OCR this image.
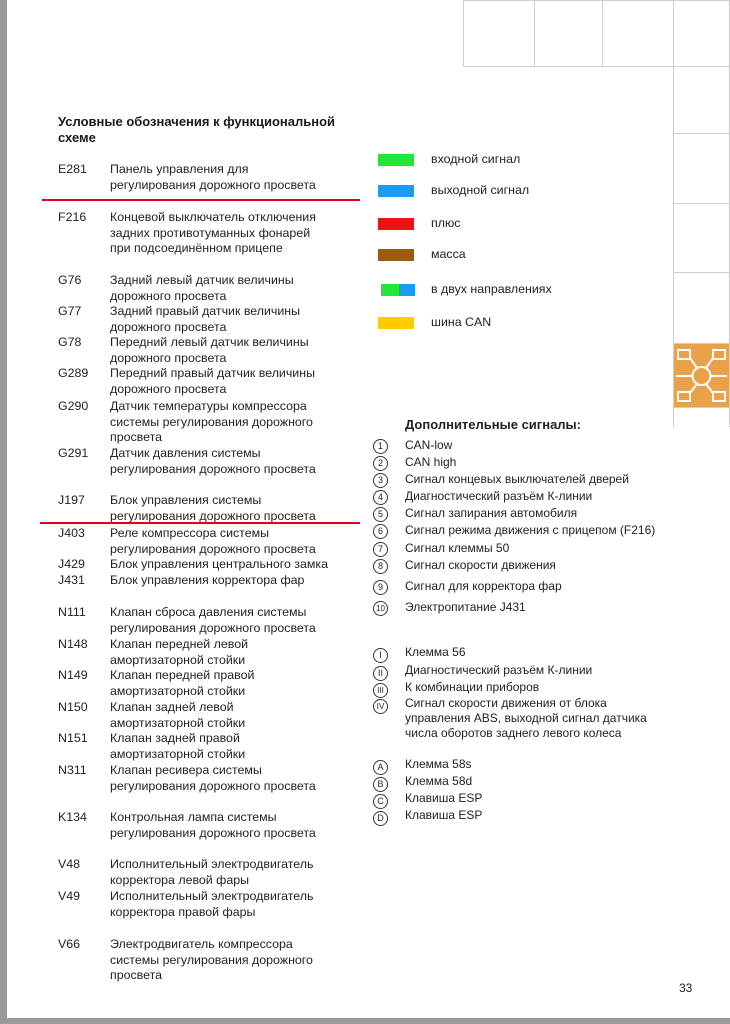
Условные обозначения к функциональной
схеме
E281	Панель управления для
регулирования дорожного просвета
F216	Концевой выключатель отключения
задних противотуманных фонарей
при подсоединённом прицепе
G76	Задний левый датчик величины
дорожного просвета
G77	Задний правый датчик величины
дорожного просвета
G78	Передний левый датчик величины
дорожного просвета
G289	Передний правый датчик величины
дорожного просвета
G290	Датчик температуры компрессора
системы регулирования дорожного
просвета
G291	Датчик давления системы
регулирования дорожного просвета
J197	Блок управления системы
регулирования дорожного просвета
J403	Реле компрессора системы
регулирования дорожного просвета
J429	Блок управления центрального замка
J431	Блок управления корректора фар
N111	Клапан сброса давления системы
регулирования дорожного просвета
N148	Клапан передней левой
амортизаторной стойки
N149	Клапан передней правой
амортизаторной стойки
N150	Клапан задней левой
амортизаторной стойки
N151	Клапан задней правой
амортизаторной стойки
N311	Клапан ресивера системы
регулирования дорожного просвета
K134	Контрольная лампа системы
регулирования дорожного просвета
V48	Исполнительный электродвигатель
корректора левой фары
V49	Исполнительный электродвигатель
корректора правой фары
V66	Электродвигатель компрессора
системы регулирования дорожного
просвета
входной сигнал
выходной сигнал
плюс
масса
в двух направлениях
шина CAN
Дополнительные сигналы:
1	CAN-low
2	CAN high
3	Сигнал концевых выключателей дверей
4	Диагностический разъём К-линии
5	Сигнал запирания автомобиля
6	Сигнал режима движения с прицепом (F216)
7	Сигнал клеммы 50
8	Сигнал скорости движения
9	Сигнал для корректора фар
10 Электропитание J431
I	Клемма 56
II	Диагностический разъём К-линии
III	К комбинации приборов
IV	Сигнал скорости движения от блока
управления ABS, выходной сигнал датчика
числа оборотов заднего левого колеса
A	Клемма 58s
B	Клемма 58d
C	Клавиша ESP
D	Клавиша ESP
33
